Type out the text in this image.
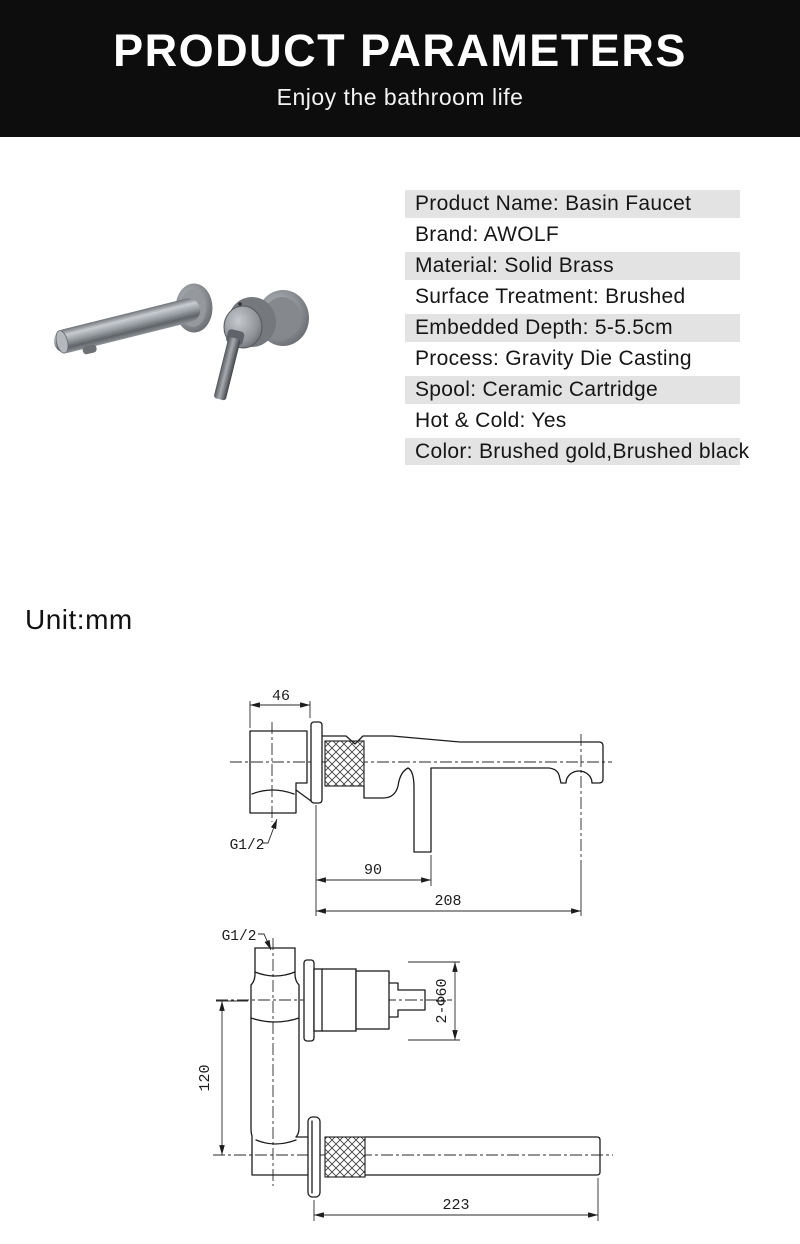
PRODUCT PARAMETERS
Enjoy the bathroom life
Product Name: Basin Faucet
Brand: AWOLF
Material: Solid Brass
Surface Treatment: Brushed
Embedded Depth: 5-5.5cm
Process: Gravity Die Casting
Spool: Ceramic Cartridge
Hot & Cold: Yes
Color: Brushed gold,Brushed black
Unit:mm
46
90
208
G1/2
G1/2
2-Φ60
120
223
